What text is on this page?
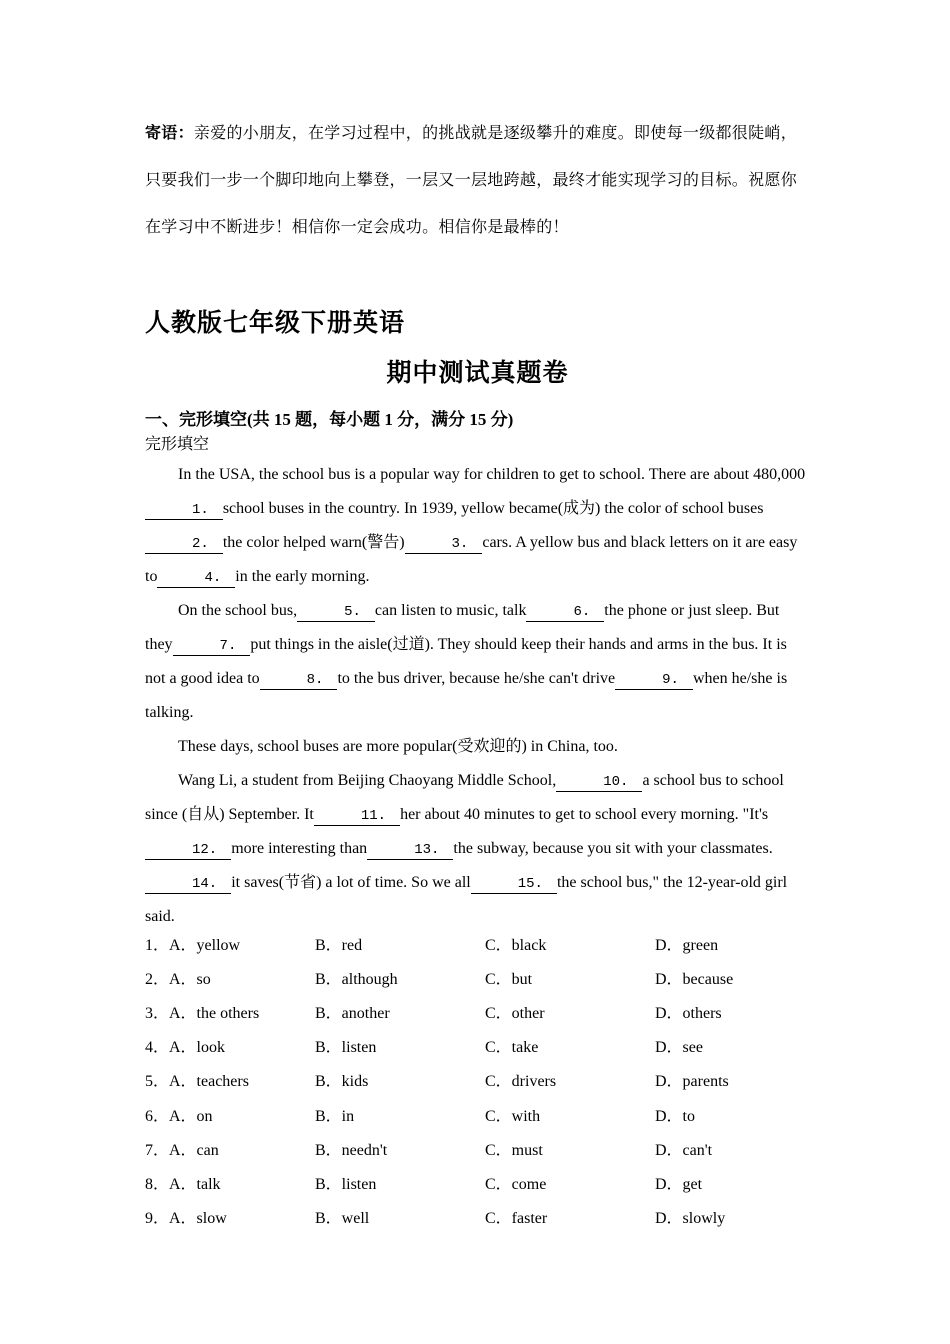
寄语：亲爱的小朋友，在学习过程中，的挑战就是逐级攀升的难度。即使每一级都很陡峭，只要我们一步一个脚印地向上攀登，一层又一层地跨越，最终才能实现学习的目标。祝愿你在学习中不断进步！相信你一定会成功。相信你是最棒的！
人教版七年级下册英语
期中测试真题卷
一、完形填空(共 15 题，每小题 1 分，满分 15 分)
完形填空

In the USA, the school bus is a popular way for children to get to school. There are about 480,0001. school buses in the country. In 1939, yellow became(成为) the color of school buses2. the color helped warn(警告)	3. cars. A yellow bus and black letters on it are easy to	4. in the early morning.

On the school bus,	5. can listen to music, talk	6. the phone or just sleep. But they	7. put things in the aisle(过道). They should keep their hands and arms in the bus. It is not a good idea to	8. to the bus driver, because he/she can't drive	9. when he/she is talking.

These days, school buses are more popular(受欢迎的) in China, too.

Wang Li, a student from Beijing Chaoyang Middle School,	10. a school bus to school since (自从) September. It	11. her about 40 minutes to get to school every morning. "It's12. more interesting than	13. the subway, because you sit with your classmates.14. it saves(节省) a lot of time. So we all	15. the school bus," the 12-year-old girl said.

1．A．yellow	B．red	C．black	D．green
2．A．so	B．although	C．but	D．because
3．A．the others	B．another	C．other	D．others
4．A．look	B．listen	C．take	D．see
5．A．teachers	B．kids	C．drivers	D．parents
6．A．on	B．in	C．with	D．to
7．A．can	B．needn't	C．must	D．can't
8．A．talk	B．listen	C．come	D．get
9．A．slow	B．well	C．faster	D．slowly
